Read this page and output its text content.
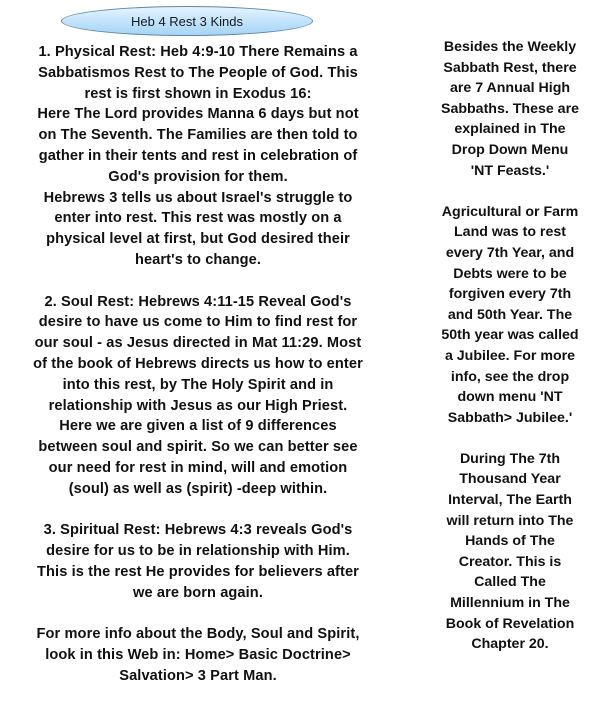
Heb 4 Rest 3 Kinds

1. Physical Rest: Heb 4:9-10 There Remains a
Sabbatismos Rest to The People of God. This
rest is first shown in Exodus 16:
Here The Lord provides Manna 6 days but not
on The Seventh. The Families are then told to
gather in their tents and rest in celebration of
God's provision for them.
Hebrews 3 tells us about Israel's struggle to
enter into rest. This rest was mostly on a
physical level at first, but God desired their
heart's to change.

2. Soul Rest: Hebrews 4:11-15 Reveal God's
desire to have us come to Him to find rest for
our soul - as Jesus directed in Mat 11:29. Most
of the book of Hebrews directs us how to enter
into this rest, by The Holy Spirit and in
relationship with Jesus as our High Priest.
Here we are given a list of 9 differences
between soul and spirit. So we can better see
our need for rest in mind, will and emotion
(soul) as well as (spirit) -deep within.

3. Spiritual Rest: Hebrews 4:3 reveals God's
desire for us to be in relationship with Him.
This is the rest He provides for believers after
we are born again.

For more info about the Body, Soul and Spirit,
look in this Web in: Home> Basic Doctrine>
Salvation> 3 Part Man.

Besides the Weekly
Sabbath Rest, there
are 7 Annual High
Sabbaths. These are
explained in The
Drop Down Menu
'NT Feasts.'

Agricultural or Farm
Land was to rest
every 7th Year, and
Debts were to be
forgiven every 7th
and 50th Year. The
50th year was called
a Jubilee. For more
info, see the drop
down menu 'NT
Sabbath> Jubilee.'

During The 7th
Thousand Year
Interval, The Earth
will return into The
Hands of The
Creator. This is
Called The
Millennium in The
Book of Revelation
Chapter 20.
